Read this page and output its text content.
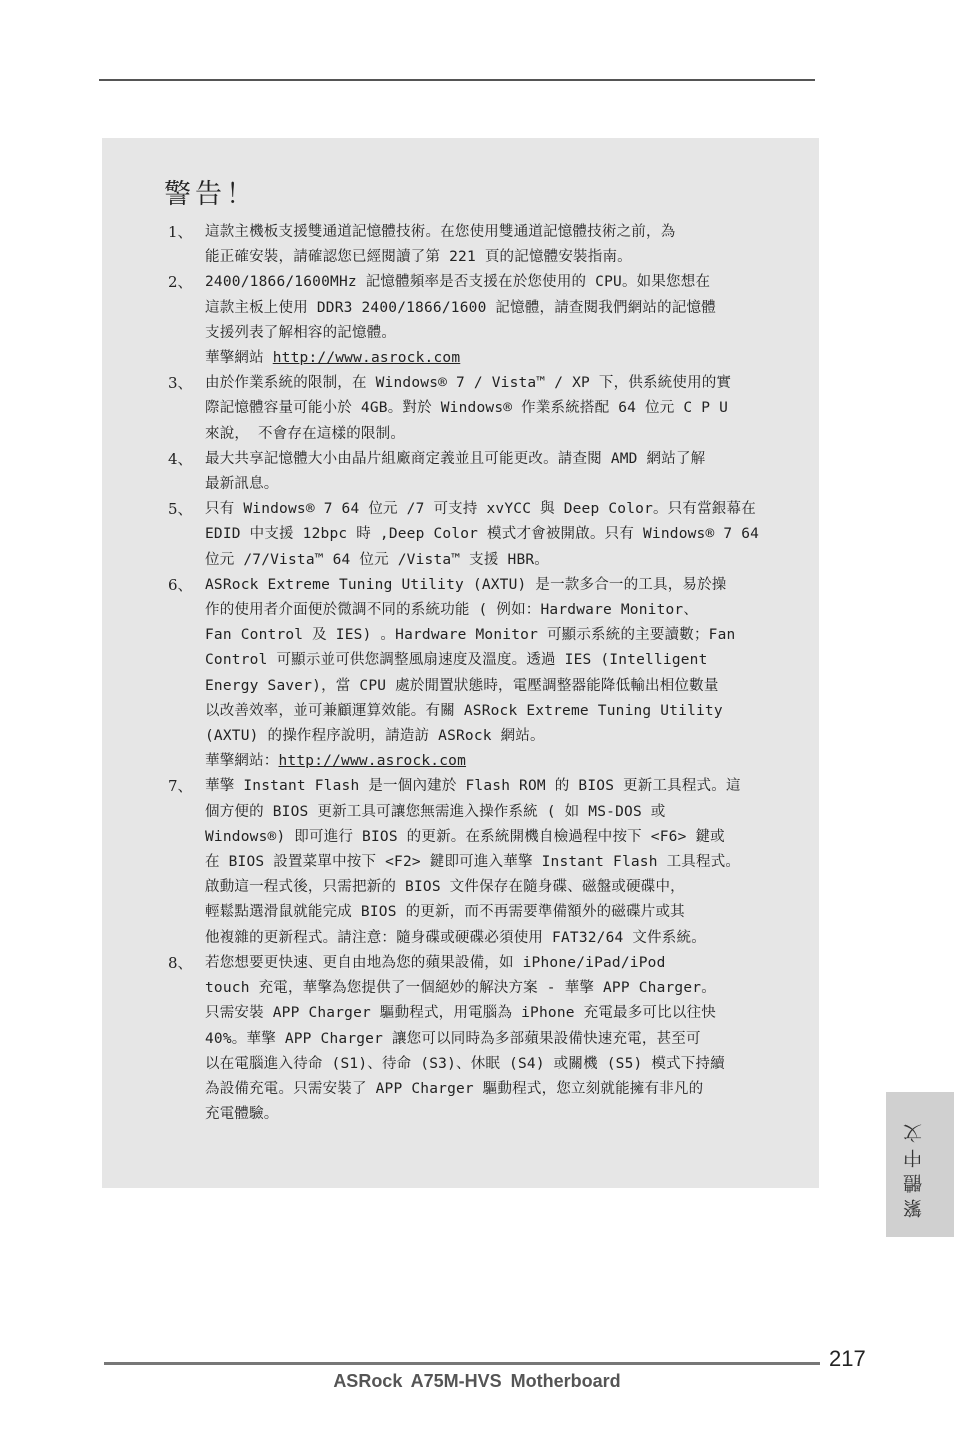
警告！
1、 這款主機板支援雙通道記憶體技術。在您使用雙通道記憶體技術之前，為
能正確安裝，請確認您已經閱讀了第 221 頁的記憶體安裝指南。
2、 2400/1866/1600MHz 記憶體頻率是否支援在於您使用的 CPU。如果您想在
這款主板上使用 DDR3 2400/1866/1600 記憶體，請查閱我們網站的記憶體
支援列表了解相容的記憶體。
華擎網站 http://www.asrock.com
3、 由於作業系統的限制，在 Windows® 7 / Vista™ / XP 下，供系統使用的實
際記憶體容量可能小於 4GB。對於 Windows® 作業系統搭配 64 位元 C P U
來說， 不會存在這樣的限制。
4、 最大共享記憶體大小由晶片組廠商定義並且可能更改。請查閱 AMD 網站了解
最新訊息。
5、 只有 Windows® 7 64 位元 /7 可支持 xvYCC 與 Deep Color。只有當銀幕在
EDID 中支援 12bpc 時 ,Deep Color 模式才會被開啟。只有 Windows® 7 64
位元 /7/Vista™ 64 位元 /Vista™ 支援 HBR。
6、 ASRock Extreme Tuning Utility (AXTU) 是一款多合一的工具，易於操
作的使用者介面便於微調不同的系統功能 ( 例如：Hardware Monitor、
Fan Control 及 IES) 。Hardware Monitor 可顯示系統的主要讀數；Fan
Control 可顯示並可供您調整風扇速度及溫度。透過 IES (Intelligent
Energy Saver)，當 CPU 處於閒置狀態時，電壓調整器能降低輸出相位數量
以改善效率，並可兼顧運算效能。有關 ASRock Extreme Tuning Utility
(AXTU) 的操作程序說明，請造訪 ASRock 網站。
華擎網站：http://www.asrock.com
7、 華擎 Instant Flash 是一個內建於 Flash ROM 的 BIOS 更新工具程式。這
個方便的 BIOS 更新工具可讓您無需進入操作系統 ( 如 MS-DOS 或
Windows®) 即可進行 BIOS 的更新。在系統開機自檢過程中按下 <F6> 鍵或
在 BIOS 設置菜單中按下 <F2> 鍵即可進入華擎 Instant Flash 工具程式。
啟動這一程式後，只需把新的 BIOS 文件保存在隨身碟、磁盤或硬碟中，
輕鬆點選滑鼠就能完成 BIOS 的更新，而不再需要準備額外的磁碟片或其
他複雜的更新程式。請注意：隨身碟或硬碟必須使用 FAT32/64 文件系統。
8、 若您想要更快速、更自由地為您的蘋果設備，如 iPhone/iPad/iPod
touch 充電，華擎為您提供了一個絕妙的解決方案 - 華擎 APP Charger。
只需安裝 APP Charger 驅動程式，用電腦為 iPhone 充電最多可比以往快
40%。華擎 APP Charger 讓您可以同時為多部蘋果設備快速充電，甚至可
以在電腦進入待命 (S1)、待命 (S3)、休眠 (S4) 或關機 (S5) 模式下持續
為設備充電。只需安裝了 APP Charger 驅動程式，您立刻就能擁有非凡的
充電體驗。
繁體中文
217
ASRock A75M-HVS Motherboard
